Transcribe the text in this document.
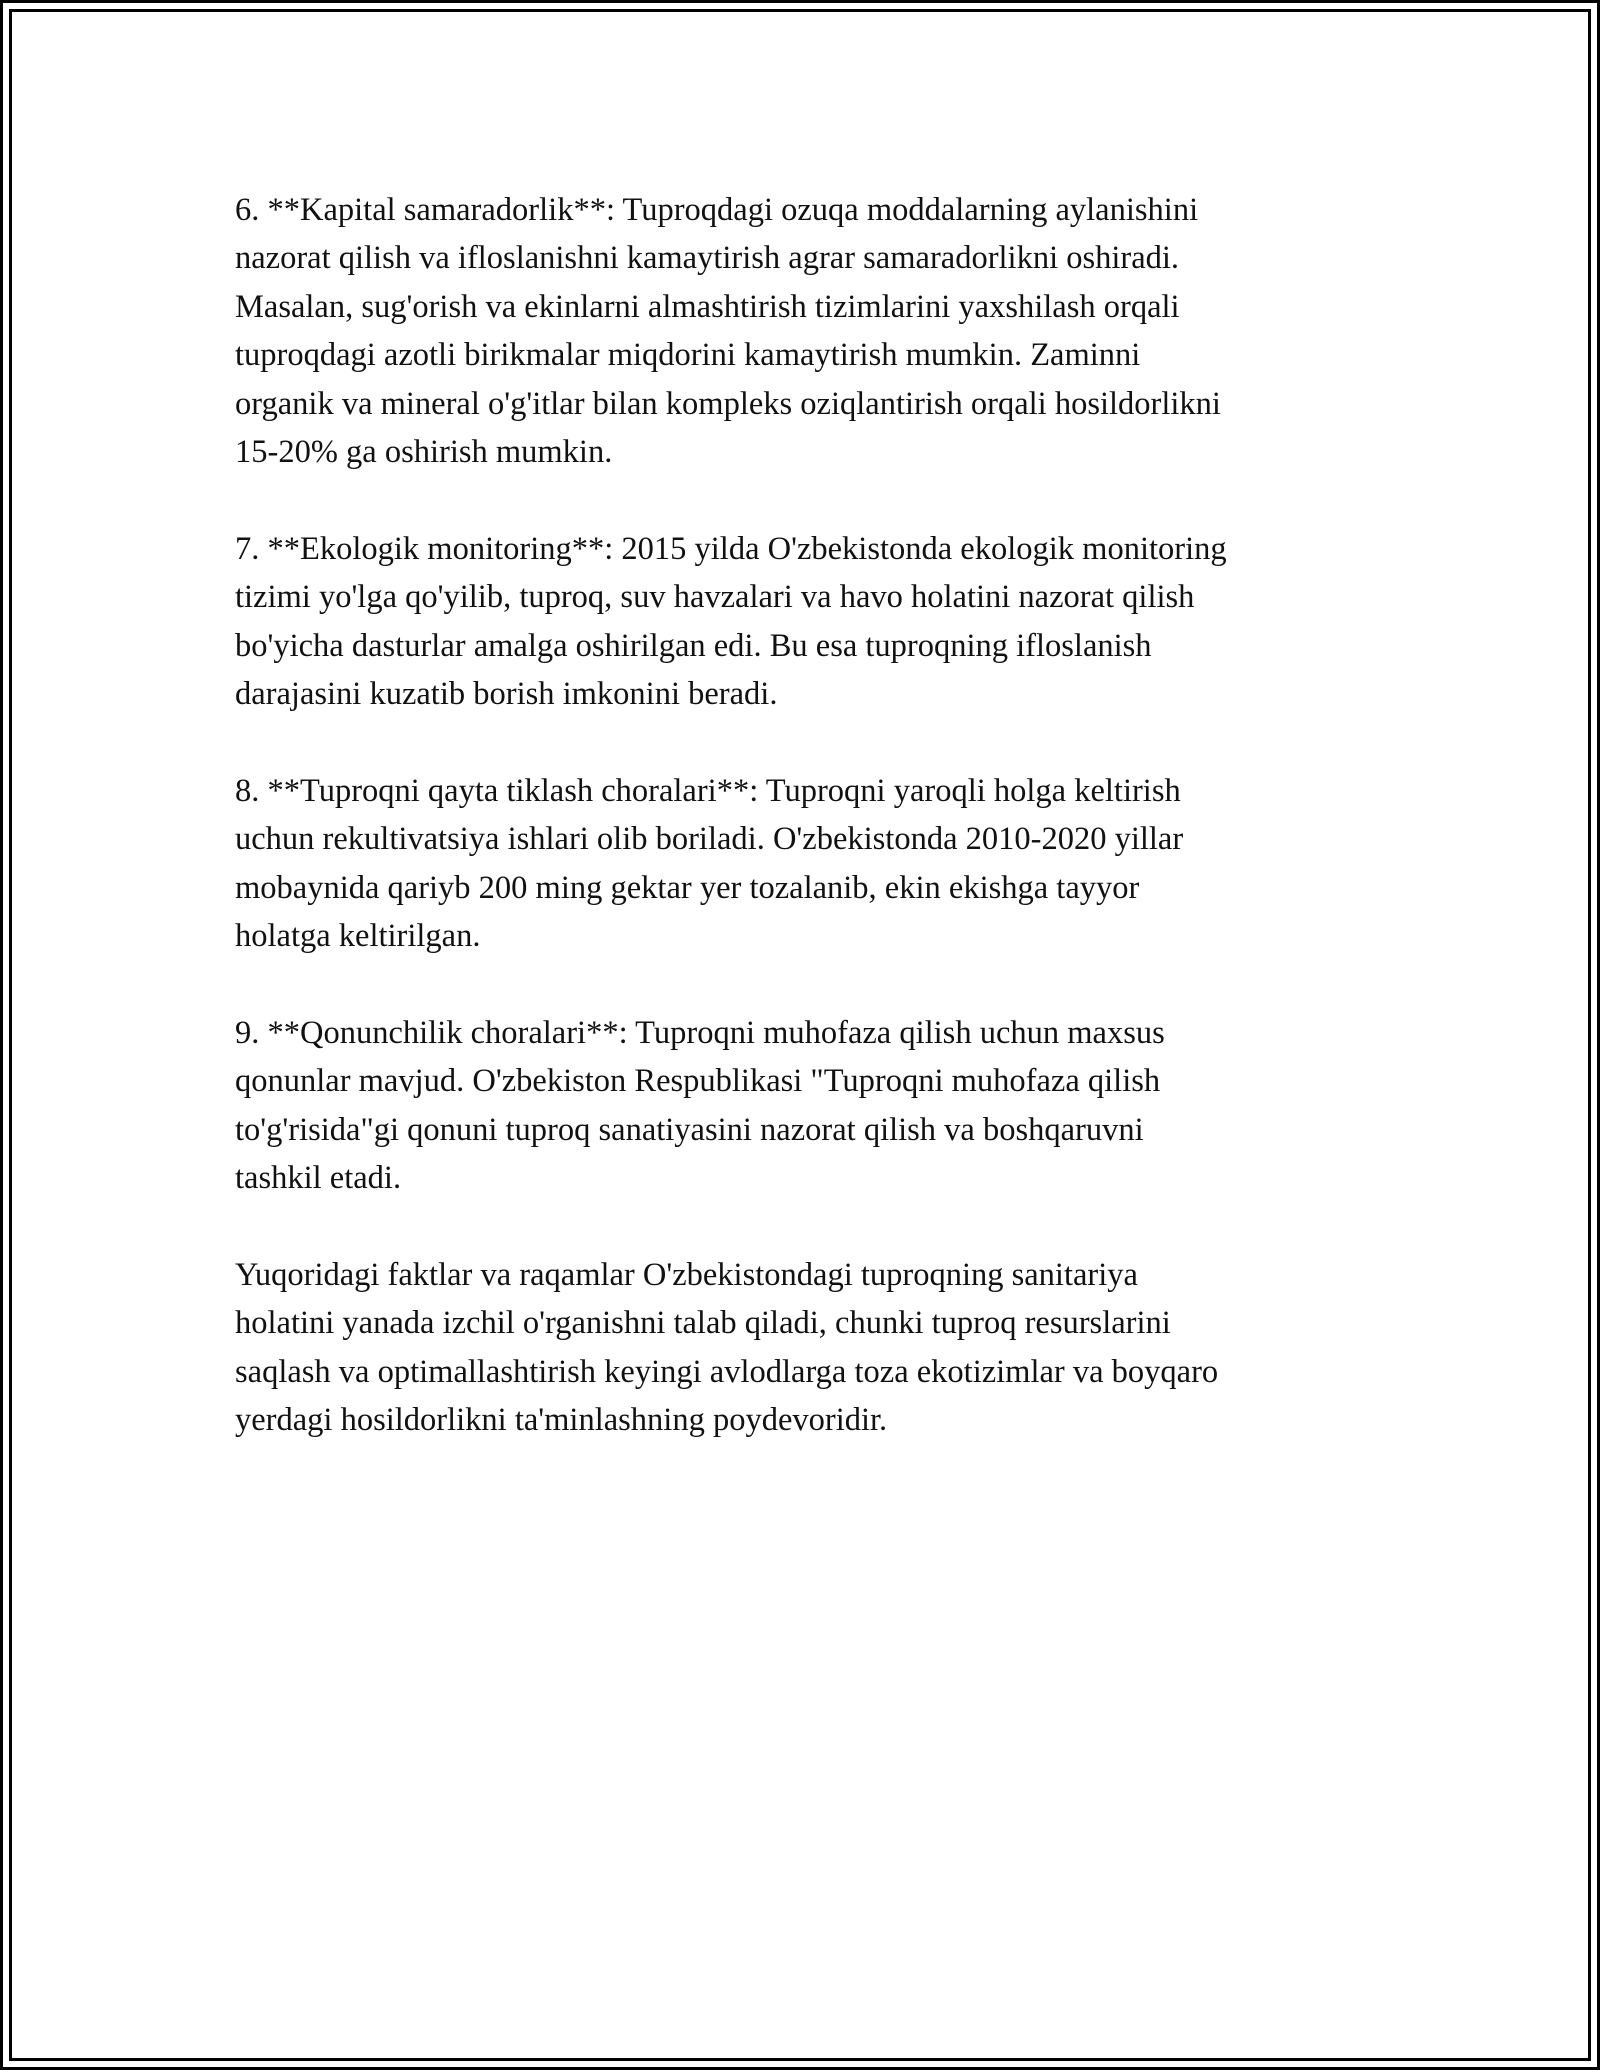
6. **Kapital samaradorlik**: Tuproqdagi ozuqa moddalarning aylanishini
nazorat qilish va ifloslanishni kamaytirish agrar samaradorlikni oshiradi.
Masalan, sug'orish va ekinlarni almashtirish tizimlarini yaxshilash orqali
tuproqdagi azotli birikmalar miqdorini kamaytirish mumkin. Zaminni
organik va mineral o'g'itlar bilan kompleks oziqlantirish orqali hosildorlikni
15-20% ga oshirish mumkin.

7. **Ekologik monitoring**: 2015 yilda O'zbekistonda ekologik monitoring
tizimi yo'lga qo'yilib, tuproq, suv havzalari va havo holatini nazorat qilish
bo'yicha dasturlar amalga oshirilgan edi. Bu esa tuproqning ifloslanish
darajasini kuzatib borish imkonini beradi.

8. **Tuproqni qayta tiklash choralari**: Tuproqni yaroqli holga keltirish
uchun rekultivatsiya ishlari olib boriladi. O'zbekistonda 2010-2020 yillar
mobaynida qariyb 200 ming gektar yer tozalanib, ekin ekishga tayyor
holatga keltirilgan.

9. **Qonunchilik choralari**: Tuproqni muhofaza qilish uchun maxsus
qonunlar mavjud. O'zbekiston Respublikasi "Tuproqni muhofaza qilish
to'g'risida"gi qonuni tuproq sanatiyasini nazorat qilish va boshqaruvni
tashkil etadi.

Yuqoridagi faktlar va raqamlar O'zbekistondagi tuproqning sanitariya
holatini yanada izchil o'rganishni talab qiladi, chunki tuproq resurslarini
saqlash va optimallashtirish keyingi avlodlarga toza ekotizimlar va boyqaro
yerdagi hosildorlikni ta'minlashning poydevoridir.
